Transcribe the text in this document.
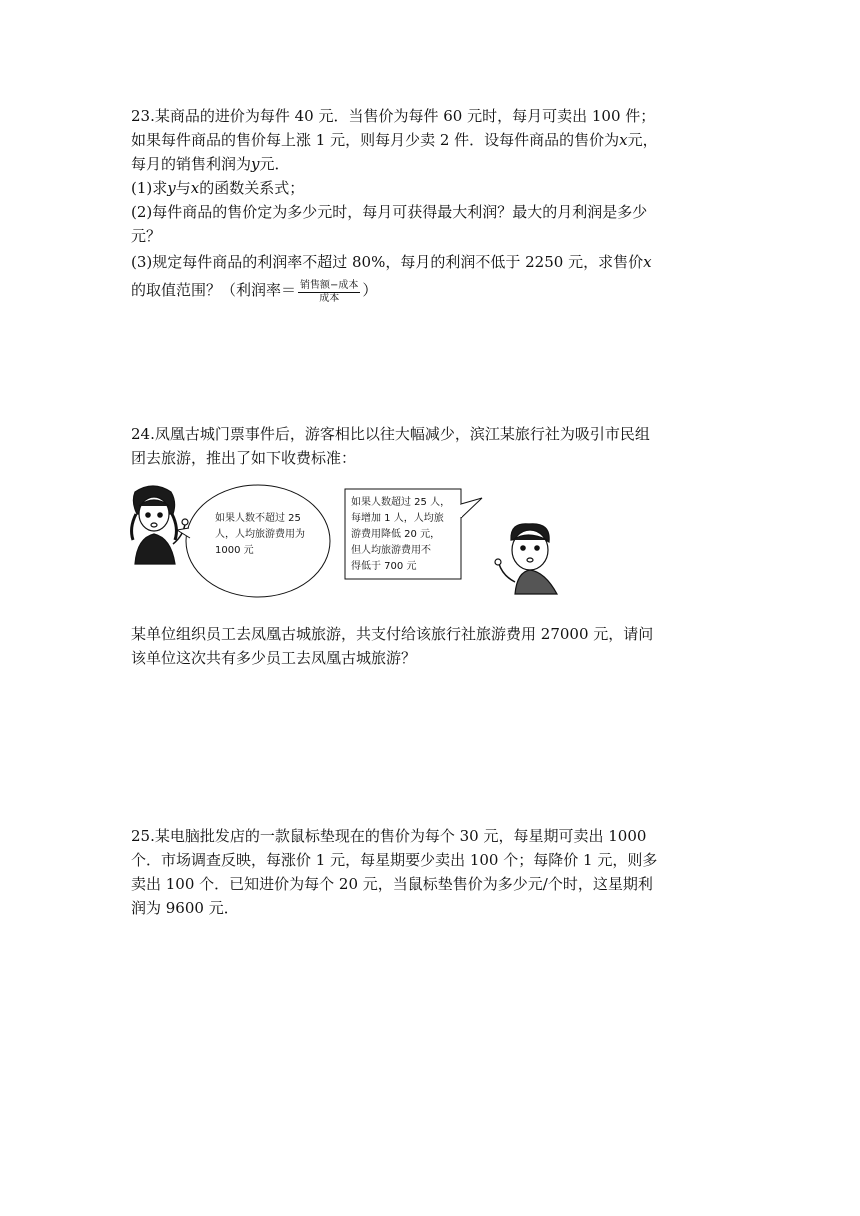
23.某商品的进价为每件 40 元．当售价为每件 60 元时，每月可卖出 100 件；

如果每件商品的售价每上涨 1 元，则每月少卖 2 件．设每件商品的售价为x元，

每月的销售利润为y元．

(1)求y与x的函数关系式；

(2)每件商品的售价定为多少元时，每月可获得最大利润？最大的月利润是多少

元？

(3)规定每件商品的利润率不超过 80%，每月的利润不低于 2250 元，求售价x

的取值范围？（利润率＝ $\frac{\text{销售额−成本}}{\text{成本}}$ ）

24.凤凰古城门票事件后，游客相比以往大幅减少，滨江某旅行社为吸引市民组

团去旅游，推出了如下收费标准：

如果人数不超过 25
人，人均旅游费用为
1000 元
如果人数超过 25 人，
每增加 1 人，人均旅
游费用降低 20 元，
但人均旅游费用不
得低于 700 元

某单位组织员工去凤凰古城旅游，共支付给该旅行社旅游费用 27000 元，请问

该单位这次共有多少员工去凤凰古城旅游？

25.某电脑批发店的一款鼠标垫现在的售价为每个 30 元，每星期可卖出 1000

个．市场调查反映，每涨价 1 元，每星期要少卖出 100 个；每降价 1 元，则多

卖出 100 个．已知进价为每个 20 元，当鼠标垫售价为多少元/个时，这星期利

润为 9600 元．
